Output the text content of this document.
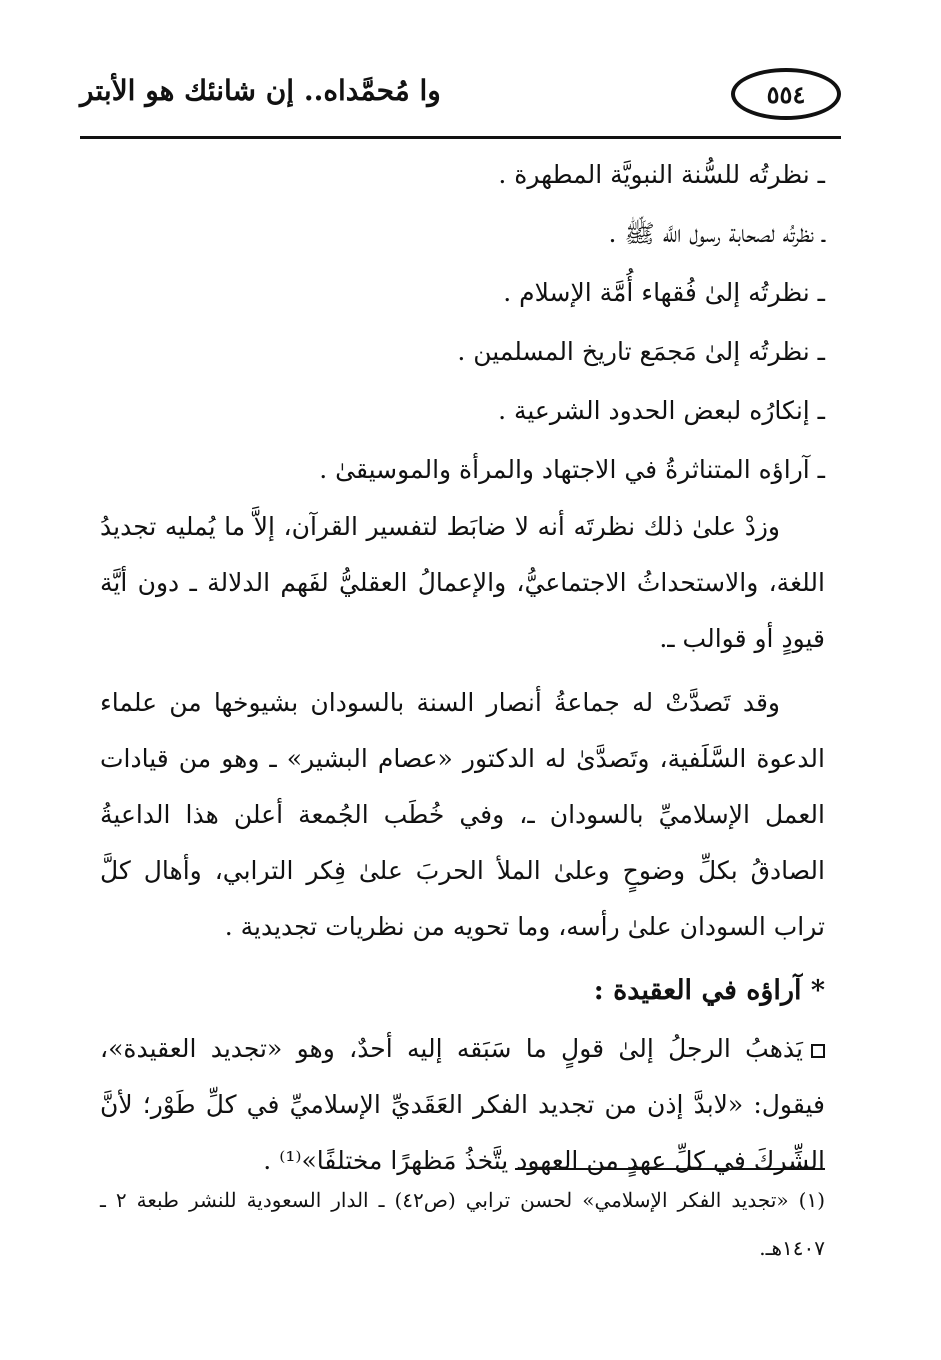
وا مُحمَّداه.. إن شانئك هو الأبتر	٥٥٤
ـ نظرتُه للسُّنة النبويَّة المطهرة .
ـ نظرتُه لصحابة رسول اللَّه ﷺ .
ـ نظرتُه إلىٰ فُقهاء أُمَّة الإسلام .
ـ نظرتُه إلىٰ مَجمَع تاريخ المسلمين .
ـ إنكارُه لبعض الحدود الشرعية .
ـ آراؤه المتناثرةُ في الاجتهاد والمرأة والموسيقىٰ .

وزدْ علىٰ ذلك نظرتَه أنه لا ضابَط لتفسير القرآن، إلاَّ ما يُمليه تجديدُ اللغة، والاستحداثُ الاجتماعيُّ، والإعمالُ العقليُّ لفَهم الدلالة ـ دون أيَّة قيودٍ أو قوالب ـ.

وقد تَصدَّتْ له جماعةُ أنصار السنة بالسودان بشيوخها من علماء الدعوة السَّلَفية، وتَصدَّىٰ له الدكتور «عصام البشير» ـ وهو من قيادات العمل الإسلاميِّ بالسودان ـ، وفي خُطَب الجُمعة أعلن هذا الداعيةُ الصادقُ بكلِّ وضوحٍ وعلىٰ الملأ الحربَ علىٰ فِكر الترابي، وأهال كلَّ تراب السودان علىٰ رأسه، وما تحويه من نظريات تجديدية .

* آراؤه في العقيدة :

يَذهبُ الرجلُ إلىٰ قولٍ ما سَبَقه إليه أحدٌ، وهو «تجديد العقيدة»، فيقول: «لابدَّ إذن من تجديد الفكر العَقَديِّ الإسلاميِّ في كلِّ طَوْر؛ لأنَّ الشِّركَ في كلِّ عهدٍ من العهود يتَّخذُ مَظهرًا مختلفًا»⁽¹⁾ .

(١) «تجديد الفكر الإسلامي» لحسن ترابي (ص٤٢) ـ الدار السعودية للنشر طبعة ٢ ـ ١٤٠٧هـ.
